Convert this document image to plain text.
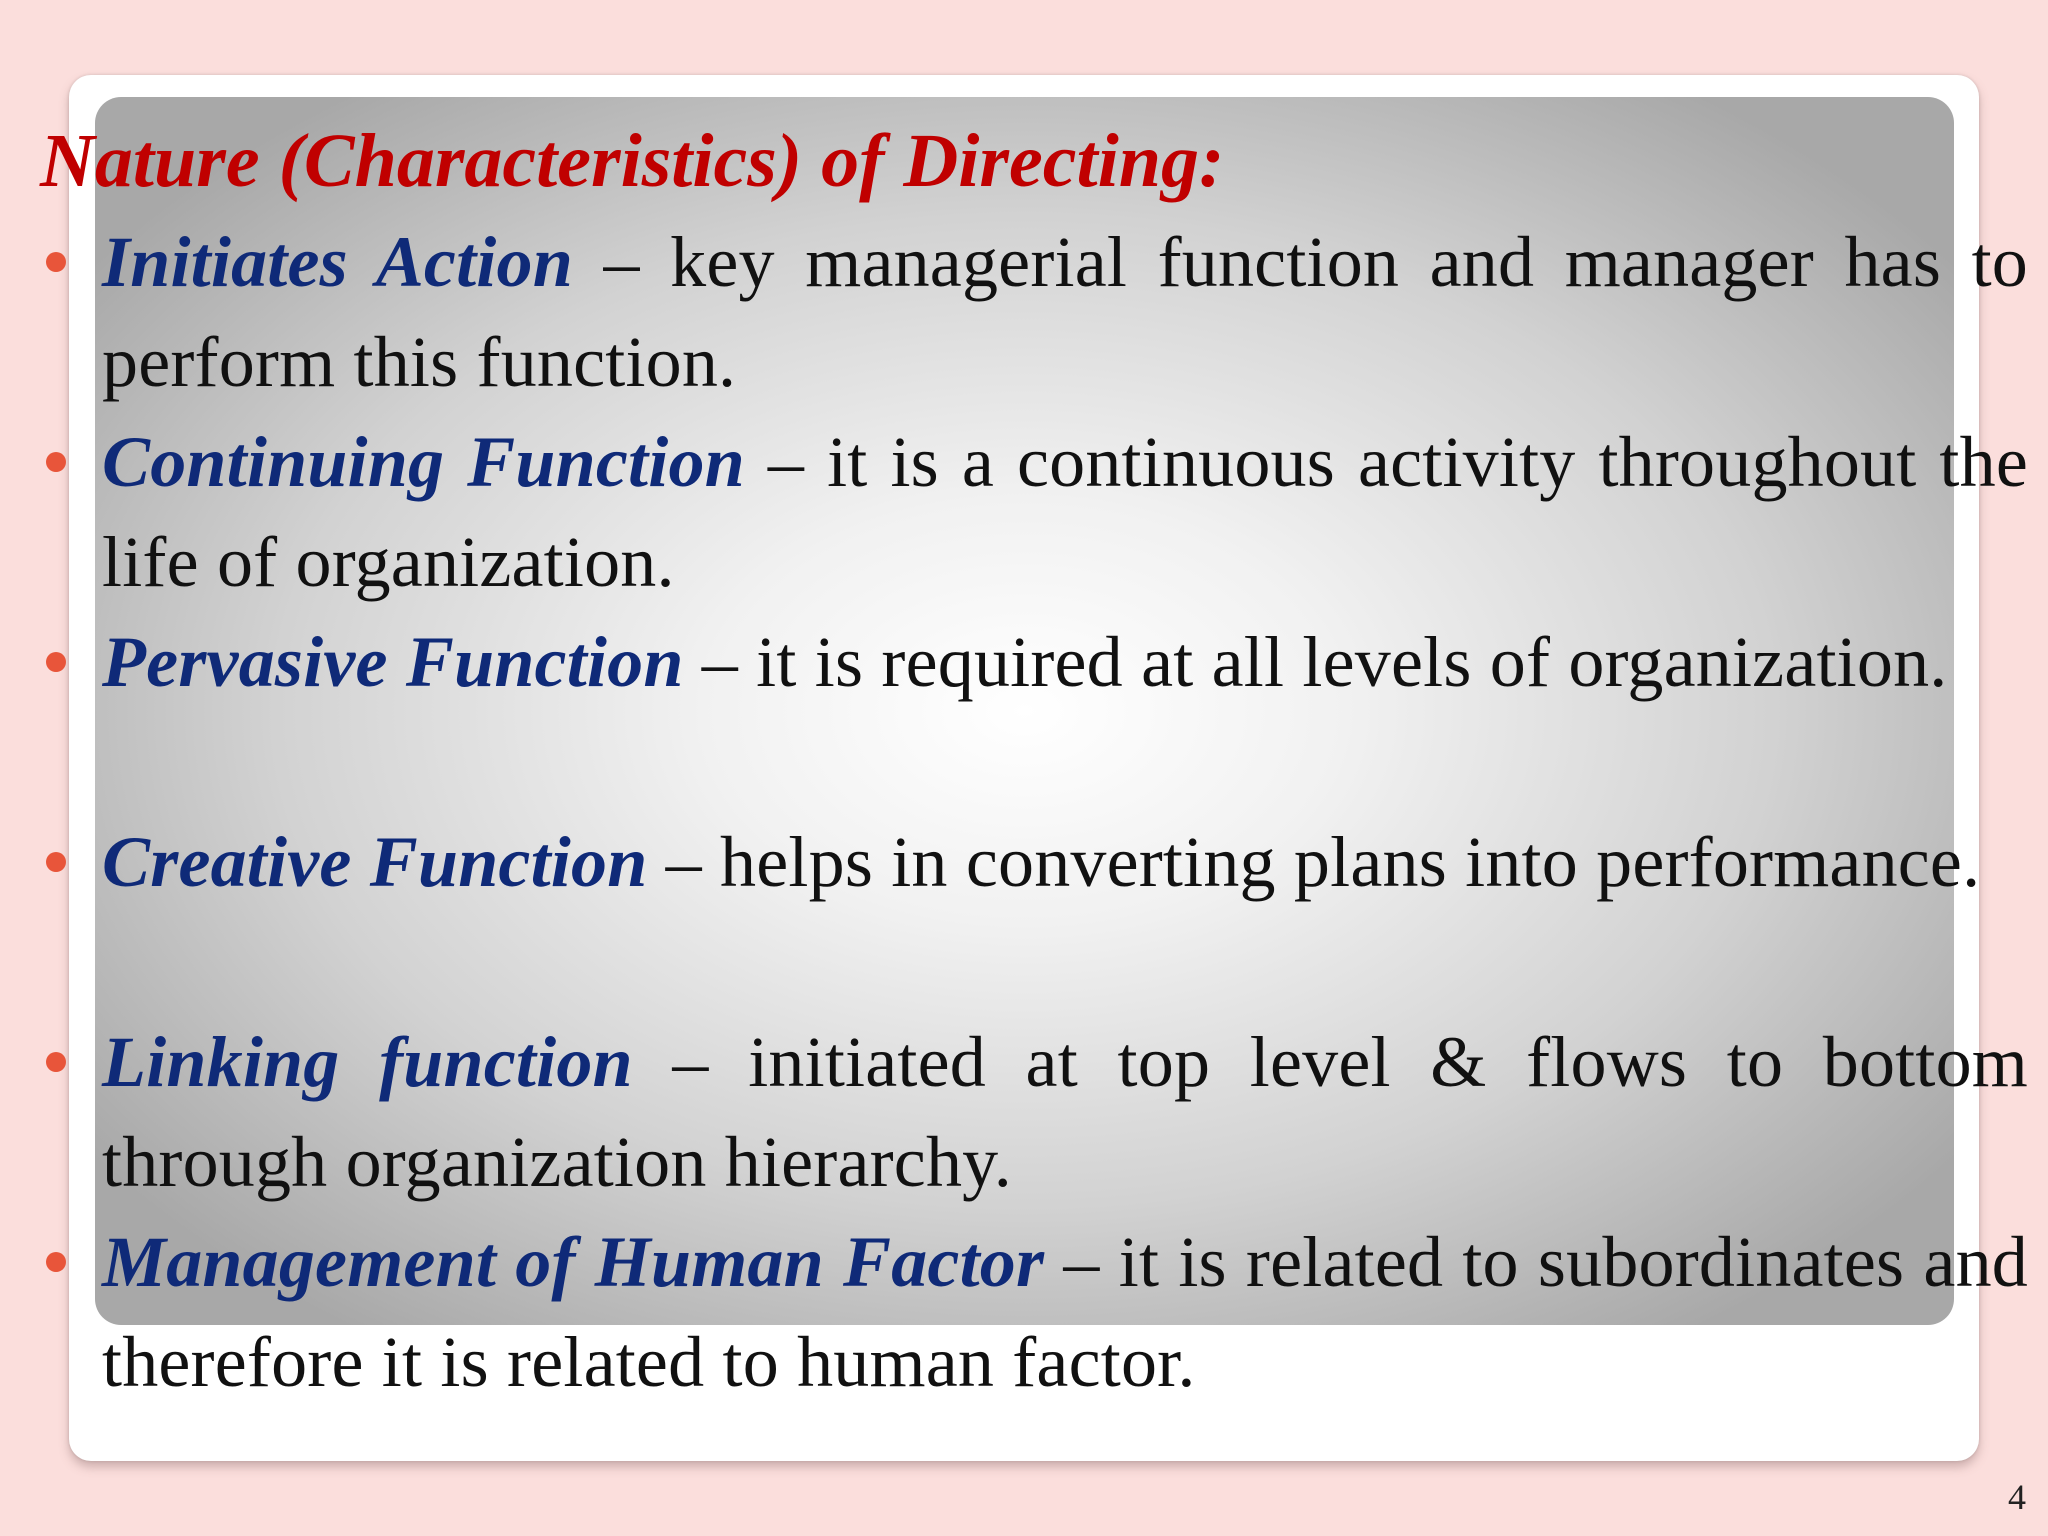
Nature (Characteristics) of Directing:
Initiates Action – key managerial function and manager has to perform this function.
Continuing Function – it is a continuous activity throughout the life of organization.
Pervasive Function – it is required at all levels of organization.
Creative Function – helps in converting plans into performance.
Linking function – initiated at top level & flows to bottom through organization hierarchy.
Management of Human Factor – it is related to subordinates and therefore it is related to human factor.
4
